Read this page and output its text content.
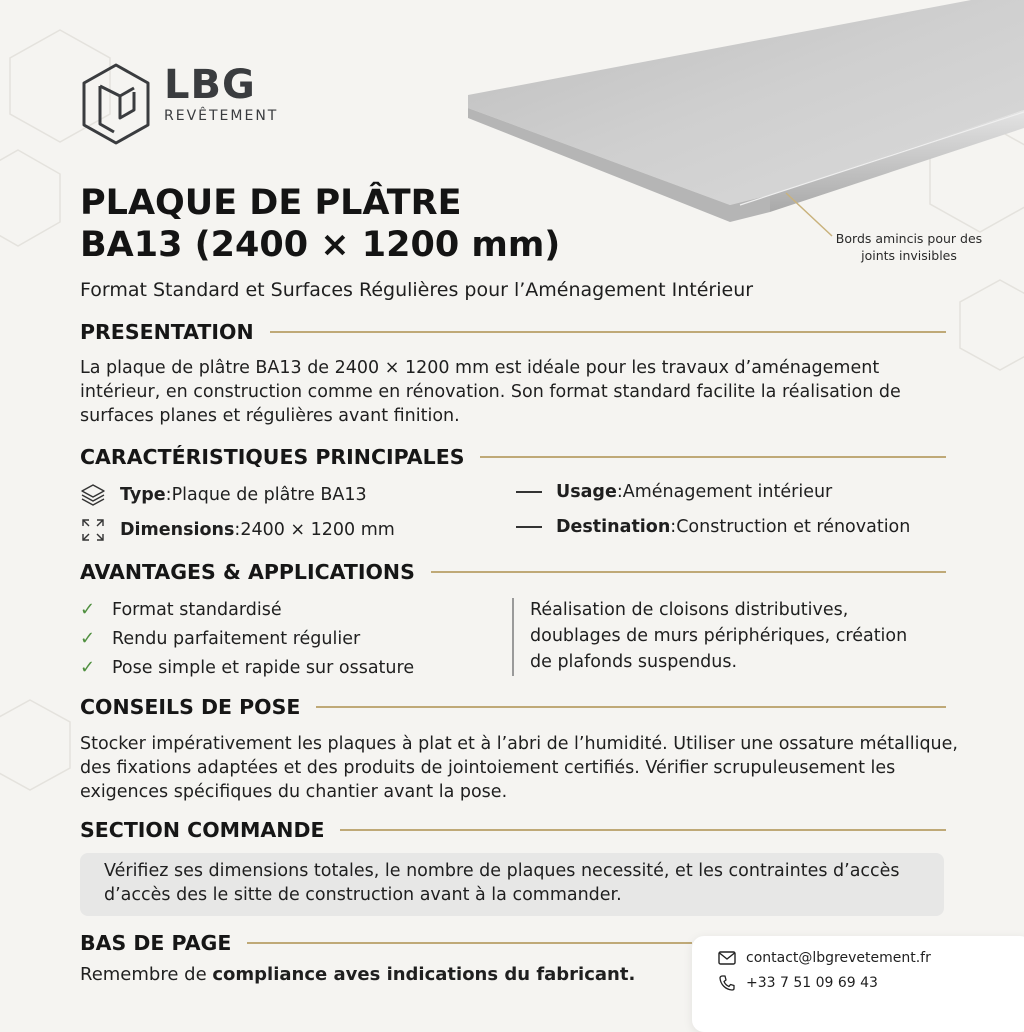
LBG
REVÊTEMENT
Bords amincis pour des joints invisibles
PLAQUE DE PLÂTRE
BA13 (2400 × 1200 mm)
Format Standard et Surfaces Régulières pour l’Aménagement Intérieur
PRESENTATION
La plaque de plâtre BA13 de 2400 × 1200 mm est idéale pour les travaux d’aménagement intérieur, en construction comme en rénovation. Son format standard facilite la réalisation de surfaces planes et régulières avant finition.
CARACTÉRISTIQUES PRINCIPALES
Type : Plaque de plâtre BA13
Dimensions : 2400 × 1200 mm
Usage : Aménagement intérieur
Destination : Construction et rénovation
AVANTAGES & APPLICATIONS
✓ Format standardisé
✓ Rendu parfaitement régulier
✓ Pose simple et rapide sur ossature
Réalisation de cloisons distributives, doublages de murs périphériques, création de plafonds suspendus.
CONSEILS DE POSE
Stocker impérativement les plaques à plat et à l’abri de l’humidité. Utiliser une ossature métallique, des fixations adaptées et des produits de jointoiement certifiés. Vérifier scrupuleusement les exigences spécifiques du chantier avant la pose.
SECTION COMMANDE
Vérifiez ses dimensions totales, le nombre de plaques necessité, et les contraintes d’accès d’accès des le sitte de construction avant à la commander.
BAS DE PAGE
Remembre de compliance aves indications du fabricant.
contact@lbgrevetement.fr
+33 7 51 09 69 43
